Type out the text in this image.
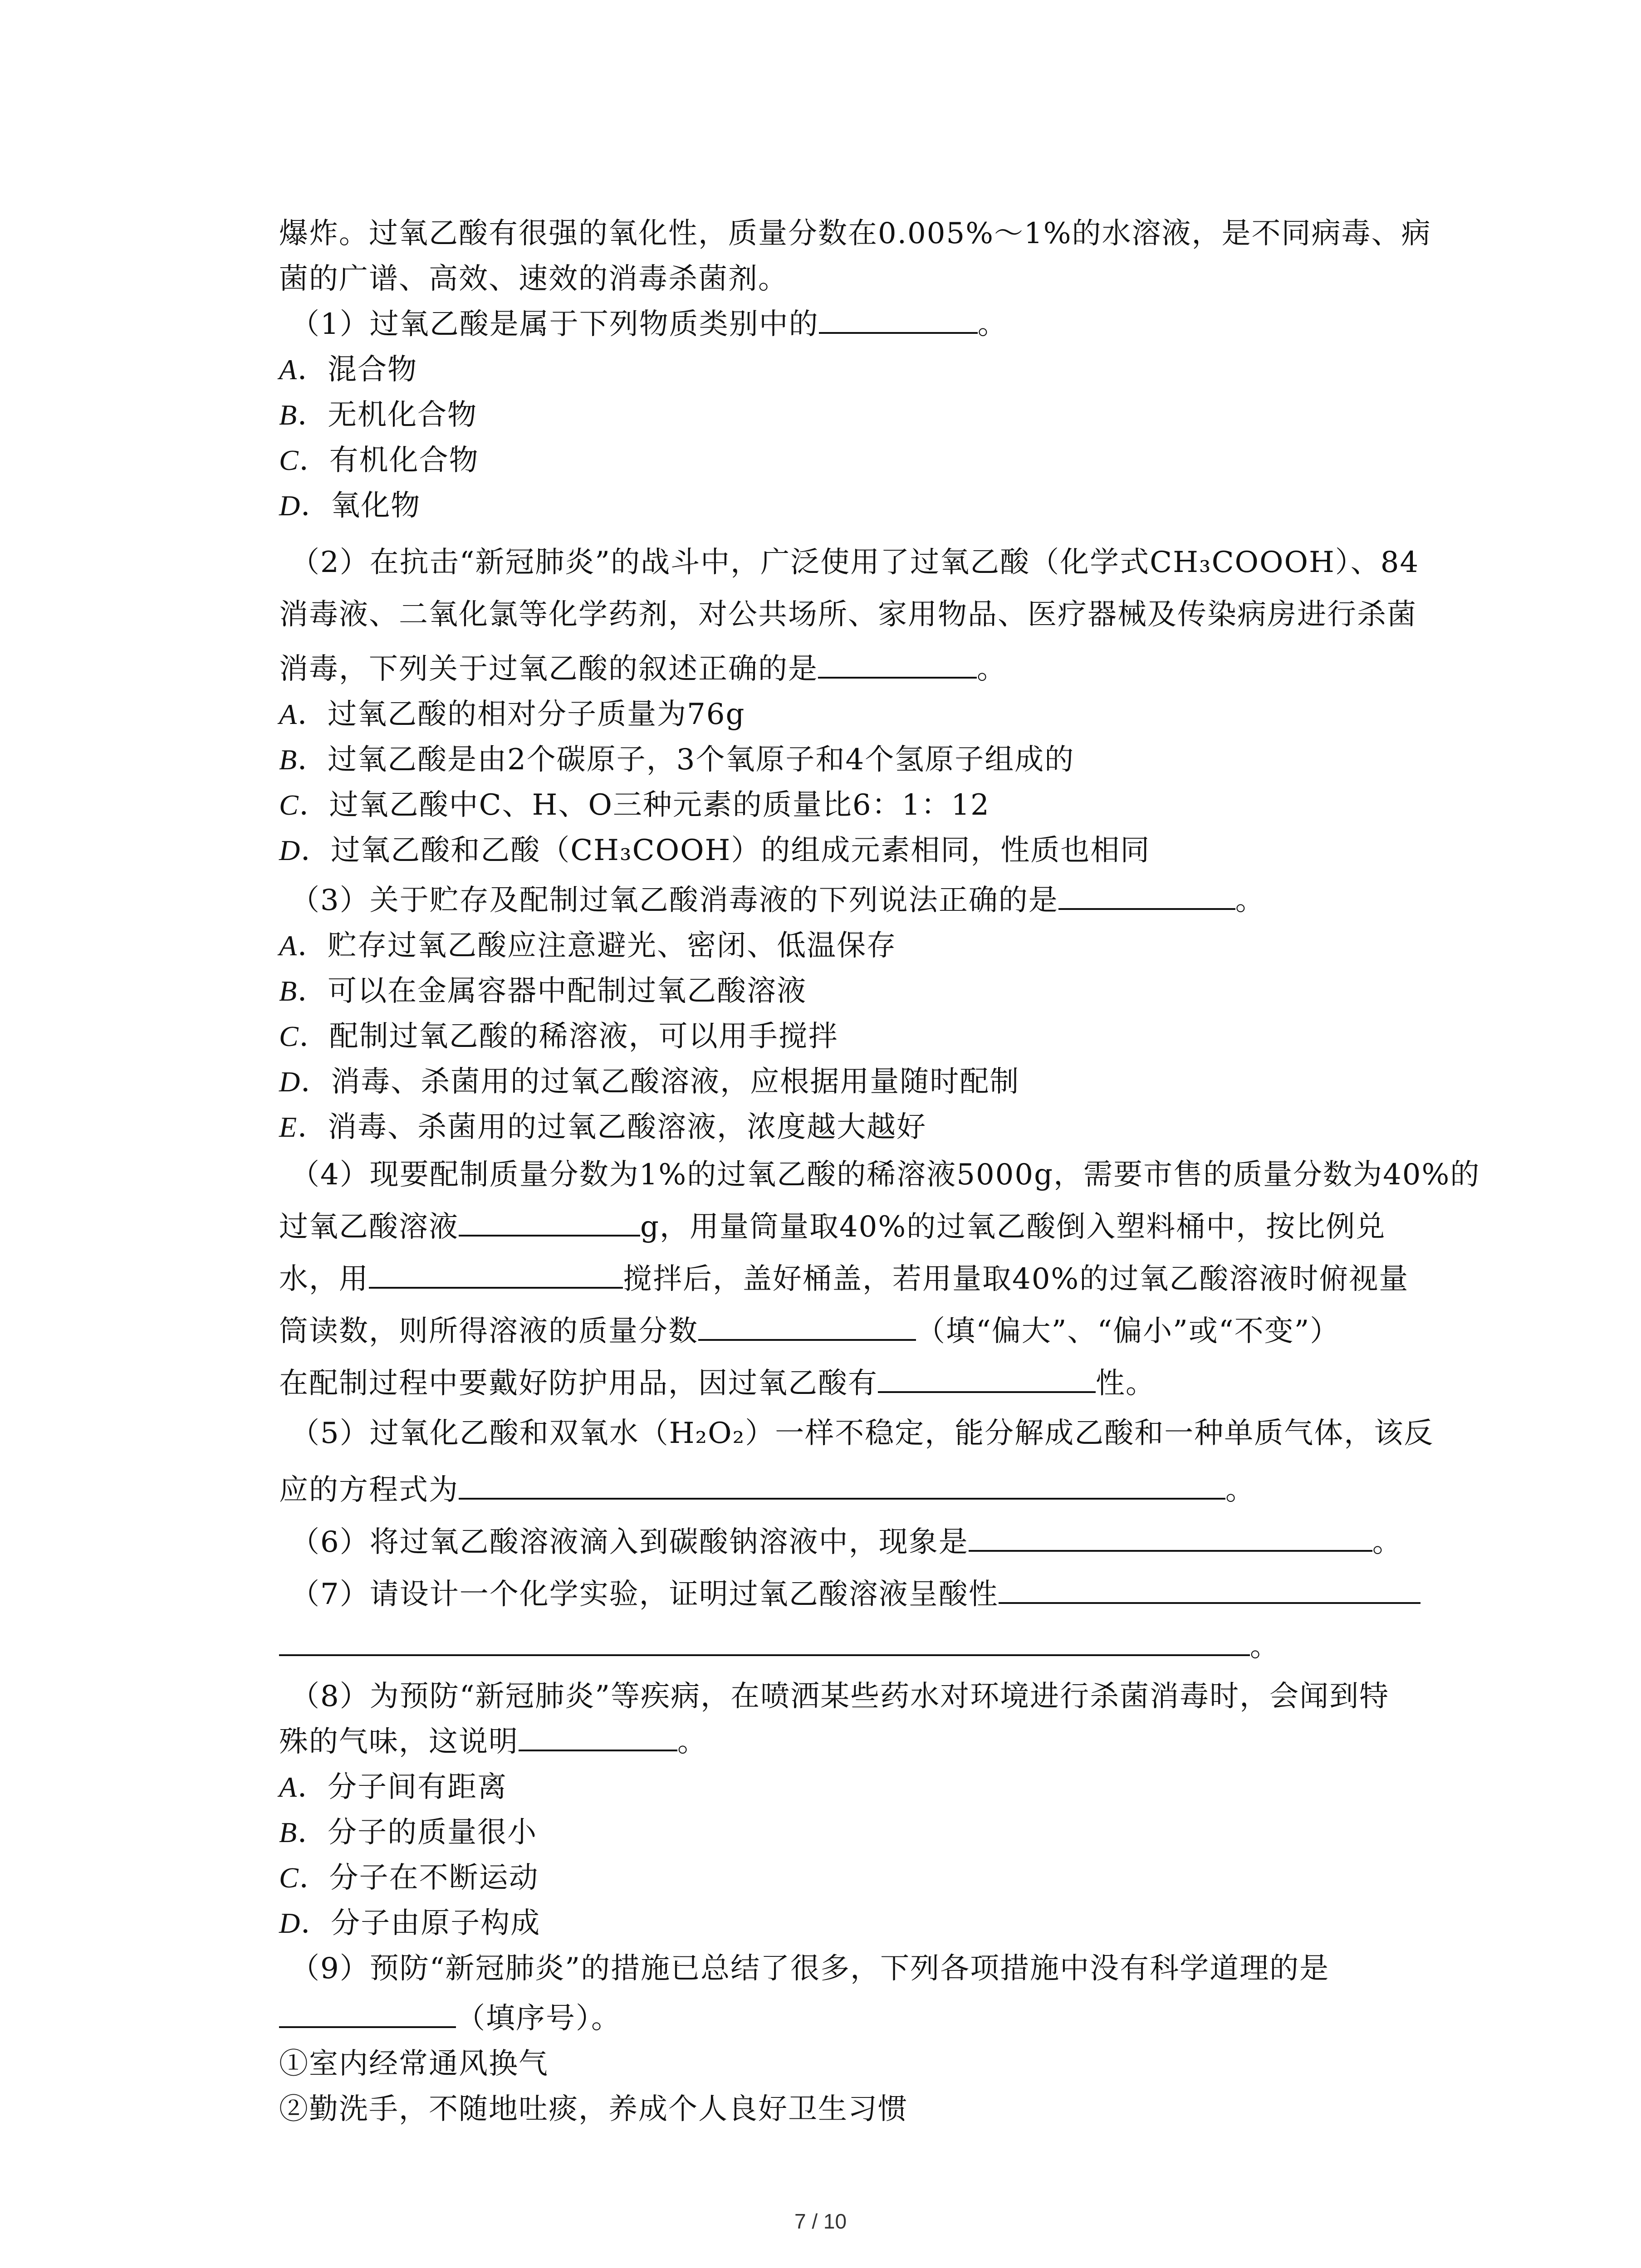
7 / 10
爆炸。过氧乙酸有很强的氧化性，质量分数在0.005%～1%的水溶液，是不同病毒、病
菌的广谱、高效、速效的消毒杀菌剂。
（1）过氧乙酸是属于下列物质类别中的	。
A．混合物
B．无机化合物
C．有机化合物
D．氧化物
（2）在抗击“新冠肺炎”的战斗中，广泛使用了过氧乙酸（化学式CH₃COOOH）、84
消毒液、二氧化氯等化学药剂，对公共场所、家用物品、医疗器械及传染病房进行杀菌
消毒，下列关于过氧乙酸的叙述正确的是	。
A．过氧乙酸的相对分子质量为76g
B．过氧乙酸是由2个碳原子，3个氧原子和4个氢原子组成的
C．过氧乙酸中C、H、O三种元素的质量比6：1：12
D．过氧乙酸和乙酸（CH₃COOH）的组成元素相同，性质也相同
（3）关于贮存及配制过氧乙酸消毒液的下列说法正确的是	。
A．贮存过氧乙酸应注意避光、密闭、低温保存
B．可以在金属容器中配制过氧乙酸溶液
C．配制过氧乙酸的稀溶液，可以用手搅拌
D．消毒、杀菌用的过氧乙酸溶液，应根据用量随时配制
E．消毒、杀菌用的过氧乙酸溶液，浓度越大越好
（4）现要配制质量分数为1%的过氧乙酸的稀溶液5000g，需要市售的质量分数为40%的
过氧乙酸溶液	g，用量筒量取40%的过氧乙酸倒入塑料桶中，按比例兑
水，用	搅拌后，盖好桶盖，若用量取40%的过氧乙酸溶液时俯视量
筒读数，则所得溶液的质量分数	（填“偏大”、“偏小”或“不变”）
在配制过程中要戴好防护用品，因过氧乙酸有	性。
（5）过氧化乙酸和双氧水（H₂O₂）一样不稳定，能分解成乙酸和一种单质气体，该反
应的方程式为	。
（6）将过氧乙酸溶液滴入到碳酸钠溶液中，现象是	。
（7）请设计一个化学实验，证明过氧乙酸溶液呈酸性
。
（8）为预防“新冠肺炎”等疾病，在喷洒某些药水对环境进行杀菌消毒时，会闻到特
殊的气味，这说明	。
A．分子间有距离
B．分子的质量很小
C．分子在不断运动
D．分子由原子构成
（9）预防“新冠肺炎”的措施已总结了很多，下列各项措施中没有科学道理的是
（填序号）。
①室内经常通风换气
②勤洗手，不随地吐痰，养成个人良好卫生习惯
